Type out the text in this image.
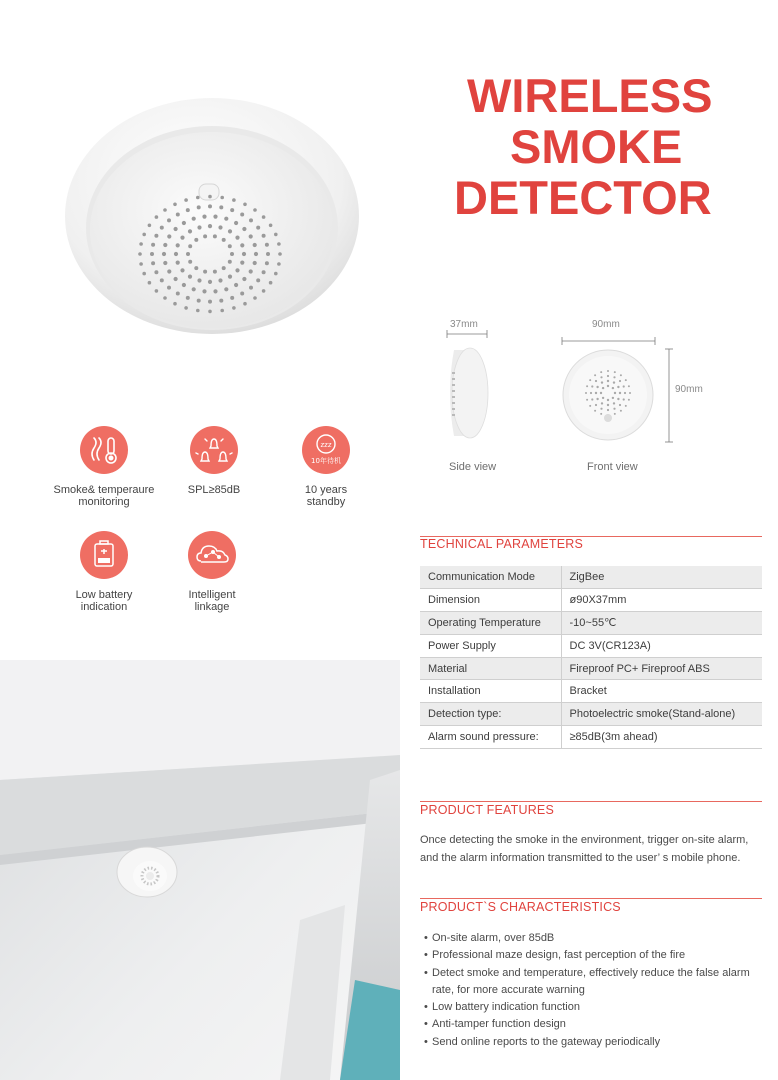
WIRELESS
SMOKE
DETECTOR
37mm	90mm
90mm
Side view	Front view
Smoke& temperaure
monitoring
SPL≥85dB
zzz
10年待机
10 years
standby
Low battery
indication
Intelligent
linkage
TECHNICAL PARAMETERS
Communication Mode	ZigBee
Dimension	ø90X37mm
Operating Temperature	-10~55℃
Power Supply	DC 3V(CR123A)
Material	Fireproof PC+ Fireproof ABS
Installation	Bracket
Detection type:	Photoelectric smoke(Stand-alone)
Alarm sound pressure:	≥85dB(3m ahead)
PRODUCT FEATURES
Once detecting the smoke in the environment, trigger on-site alarm, and the alarm information transmitted to the user’ s mobile phone.
PRODUCT`S CHARACTERISTICS
• On-site alarm, over 85dB
• Professional maze design, fast perception of the fire
• Detect smoke and temperature, effectively reduce the false alarm rate, for more accurate warning
• Low battery indication function
• Anti-tamper function design
• Send online reports to the gateway periodically
